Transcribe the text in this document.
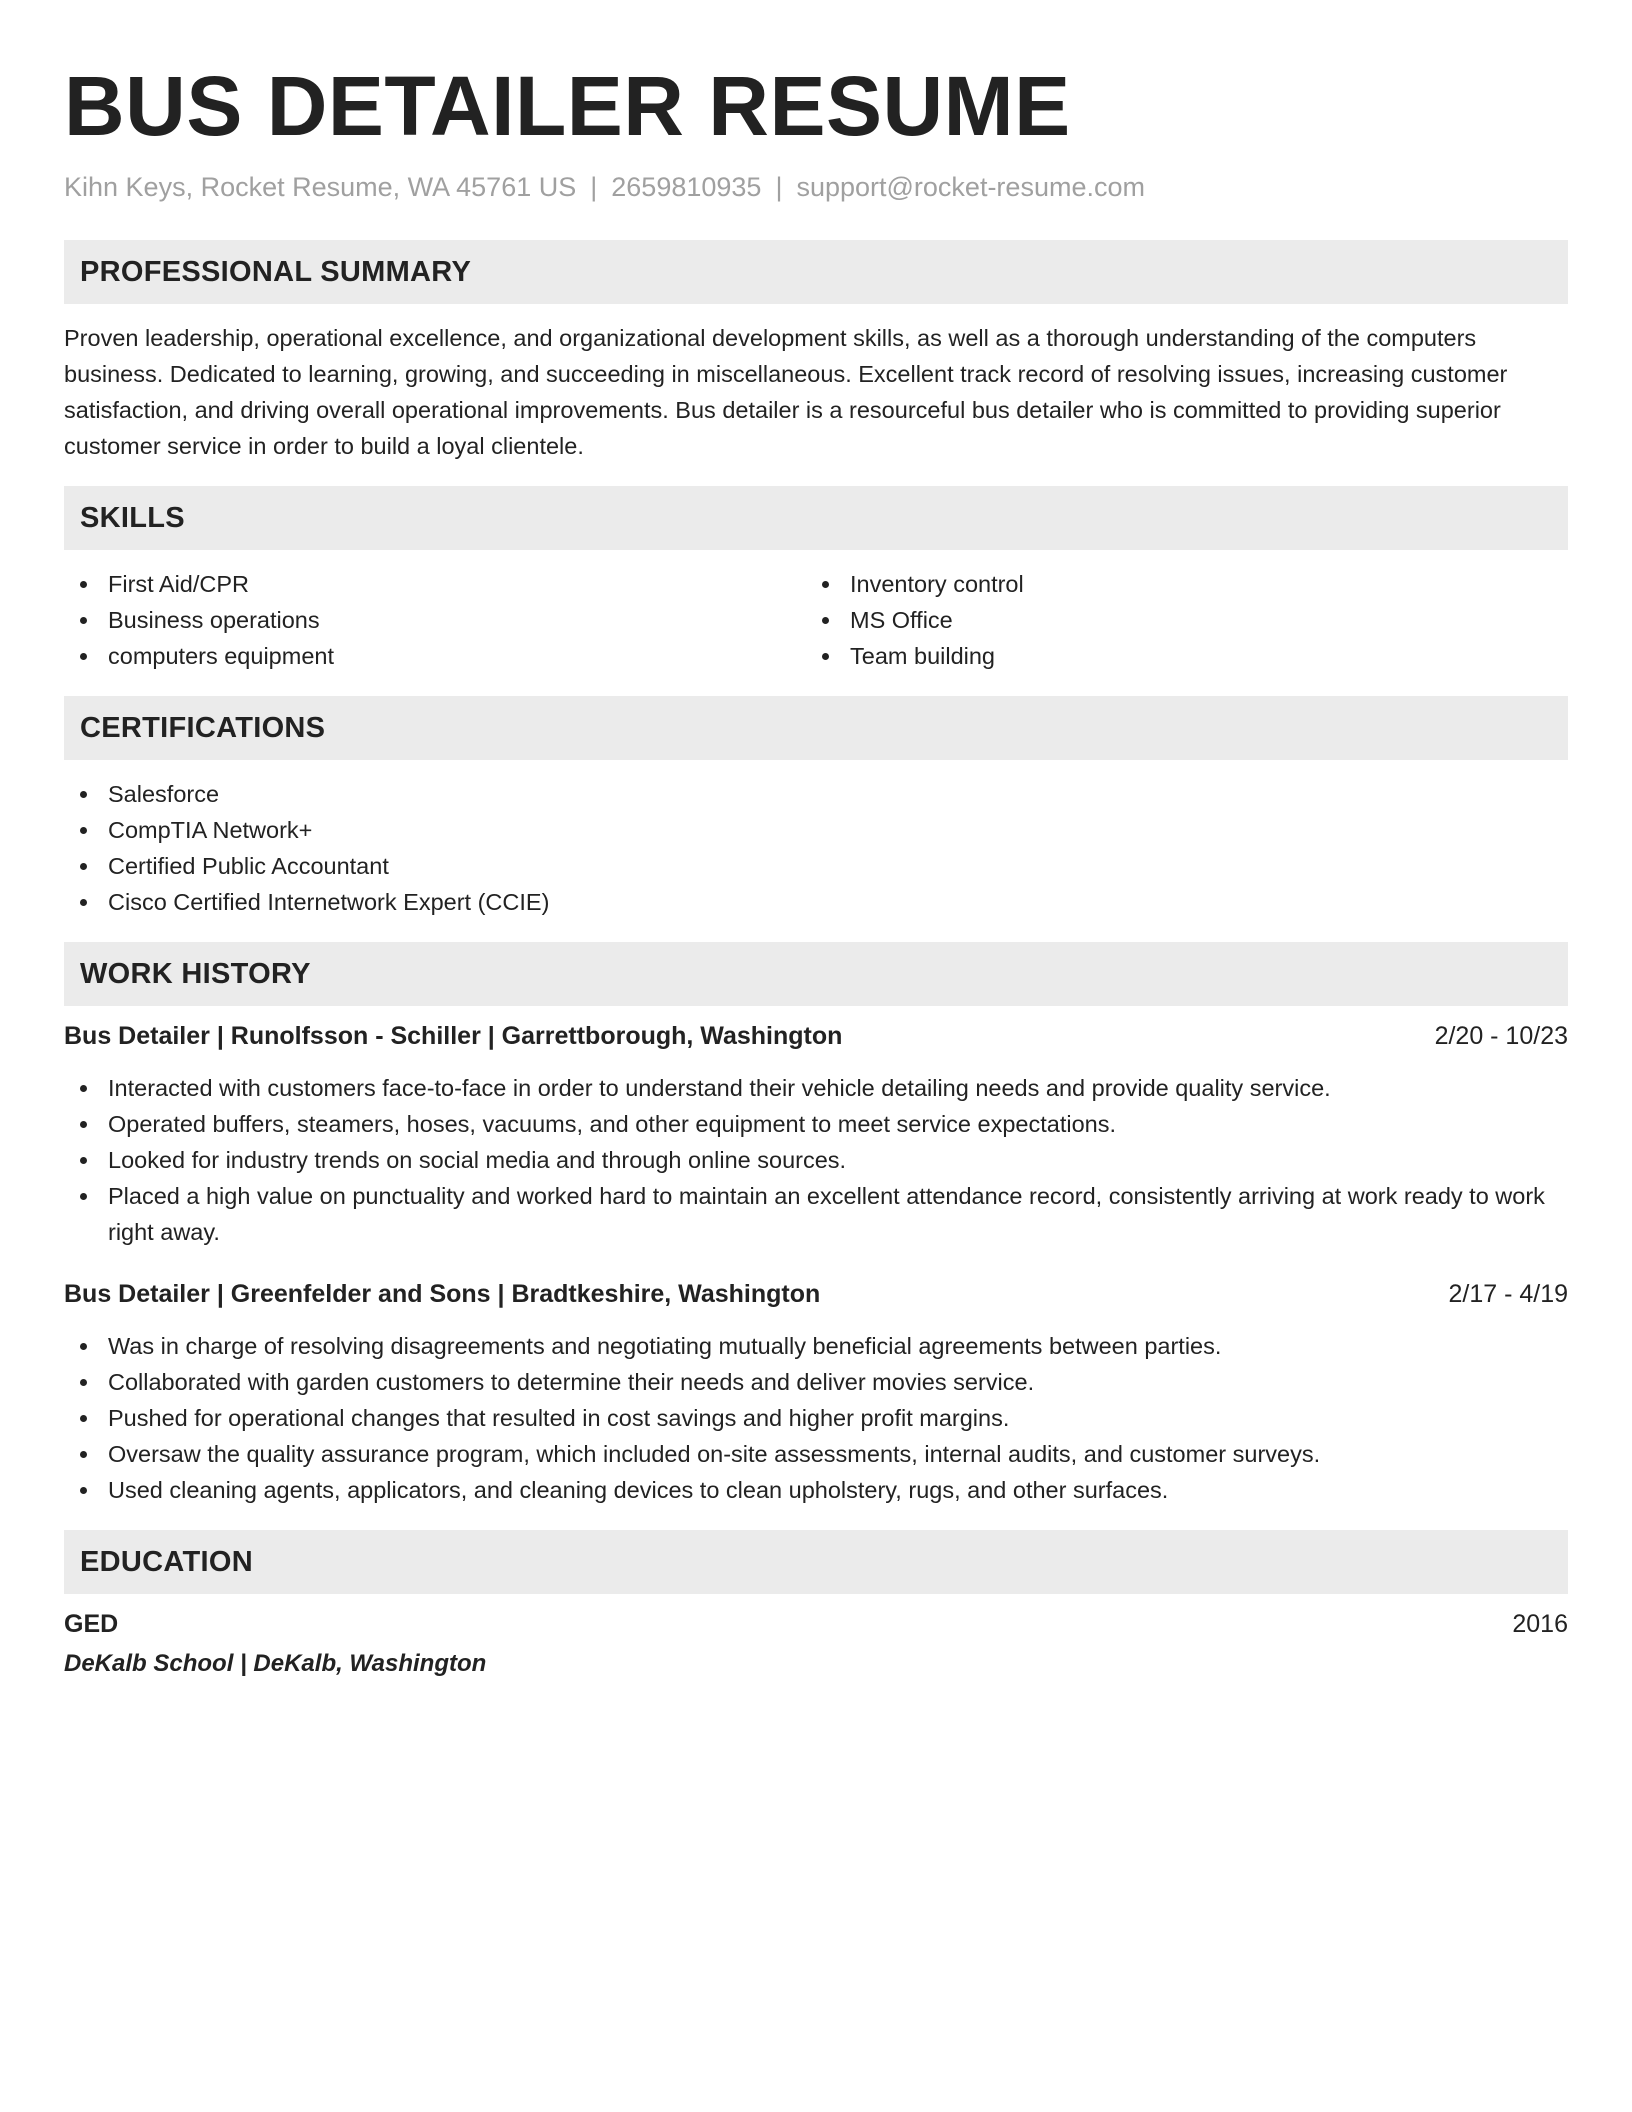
BUS DETAILER RESUME
Kihn Keys, Rocket Resume, WA 45761 US | 2659810935 | support@rocket-resume.com
PROFESSIONAL SUMMARY
Proven leadership, operational excellence, and organizational development skills, as well as a thorough understanding of the computers business. Dedicated to learning, growing, and succeeding in miscellaneous. Excellent track record of resolving issues, increasing customer satisfaction, and driving overall operational improvements. Bus detailer is a resourceful bus detailer who is committed to providing superior customer service in order to build a loyal clientele.
SKILLS
First Aid/CPR
Business operations
computers equipment
Inventory control
MS Office
Team building
CERTIFICATIONS
Salesforce
CompTIA Network+
Certified Public Accountant
Cisco Certified Internetwork Expert (CCIE)
WORK HISTORY
Bus Detailer | Runolfsson - Schiller | Garrettborough, Washington	2/20 - 10/23
Interacted with customers face-to-face in order to understand their vehicle detailing needs and provide quality service.
Operated buffers, steamers, hoses, vacuums, and other equipment to meet service expectations.
Looked for industry trends on social media and through online sources.
Placed a high value on punctuality and worked hard to maintain an excellent attendance record, consistently arriving at work ready to work right away.
Bus Detailer | Greenfelder and Sons | Bradtkeshire, Washington	2/17 - 4/19
Was in charge of resolving disagreements and negotiating mutually beneficial agreements between parties.
Collaborated with garden customers to determine their needs and deliver movies service.
Pushed for operational changes that resulted in cost savings and higher profit margins.
Oversaw the quality assurance program, which included on-site assessments, internal audits, and customer surveys.
Used cleaning agents, applicators, and cleaning devices to clean upholstery, rugs, and other surfaces.
EDUCATION
GED	2016
DeKalb School | DeKalb, Washington
